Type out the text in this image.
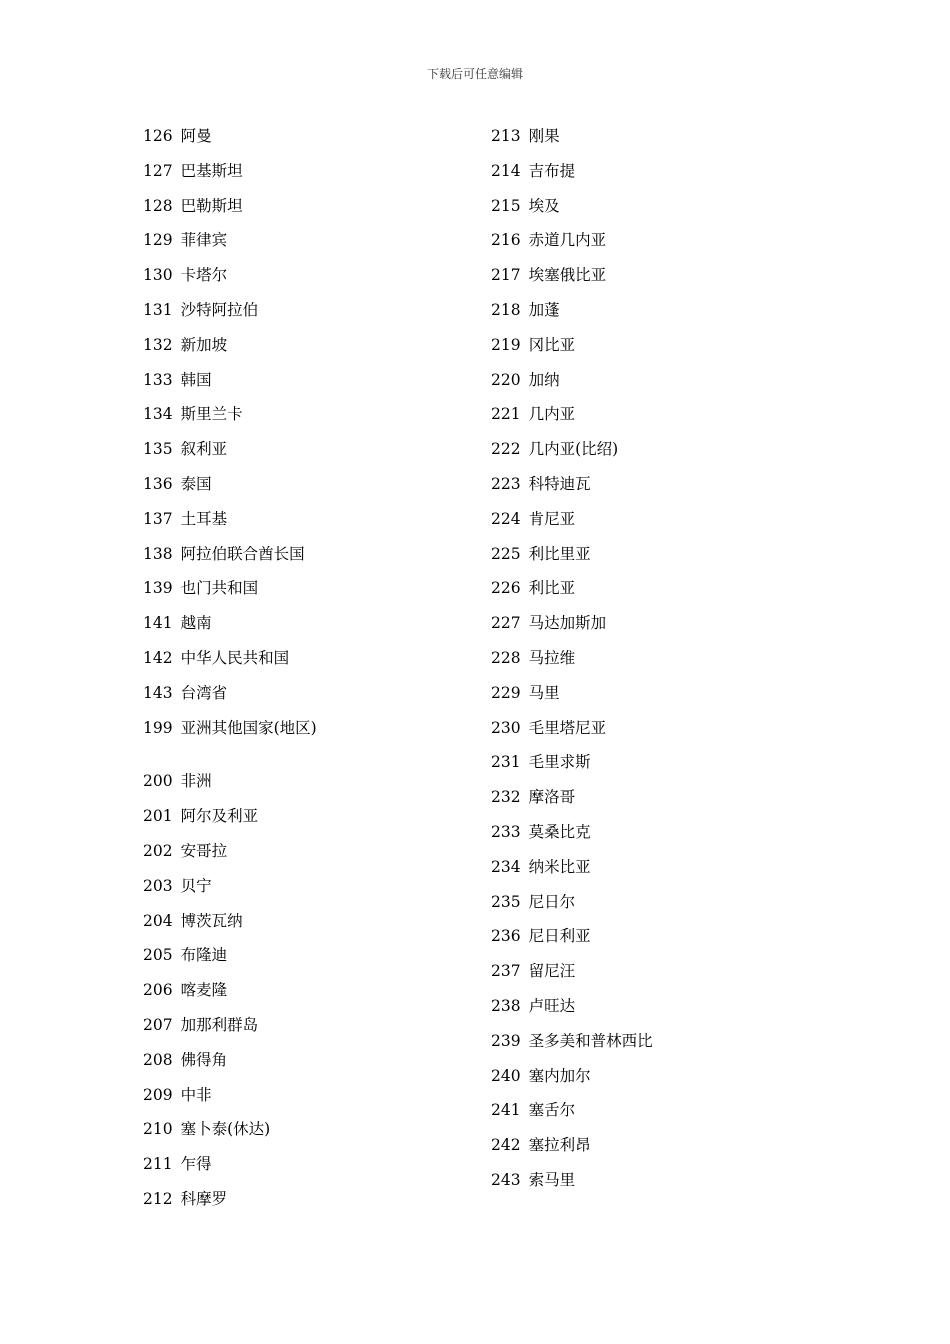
下载后可任意编辑
126 阿曼
127 巴基斯坦
128 巴勒斯坦
129 菲律宾
130 卡塔尔
131 沙特阿拉伯
132 新加坡
133 韩国
134 斯里兰卡
135 叙利亚
136 泰国
137 土耳基
138 阿拉伯联合酋长国
139 也门共和国
141 越南
142 中华人民共和国
143 台湾省
199 亚洲其他国家(地区)
200 非洲
201 阿尔及利亚
202 安哥拉
203 贝宁
204 博茨瓦纳
205 布隆迪
206 喀麦隆
207 加那利群岛
208 佛得角
209 中非
210 塞卜泰(休达)
211 乍得
212 科摩罗
213 刚果
214 吉布提
215 埃及
216 赤道几内亚
217 埃塞俄比亚
218 加蓬
219 冈比亚
220 加纳
221 几内亚
222 几内亚(比绍)
223 科特迪瓦
224 肯尼亚
225 利比里亚
226 利比亚
227 马达加斯加
228 马拉维
229 马里
230 毛里塔尼亚
231 毛里求斯
232 摩洛哥
233 莫桑比克
234 纳米比亚
235 尼日尔
236 尼日利亚
237 留尼汪
238 卢旺达
239 圣多美和普林西比
240 塞内加尔
241 塞舌尔
242 塞拉利昂
243 索马里
